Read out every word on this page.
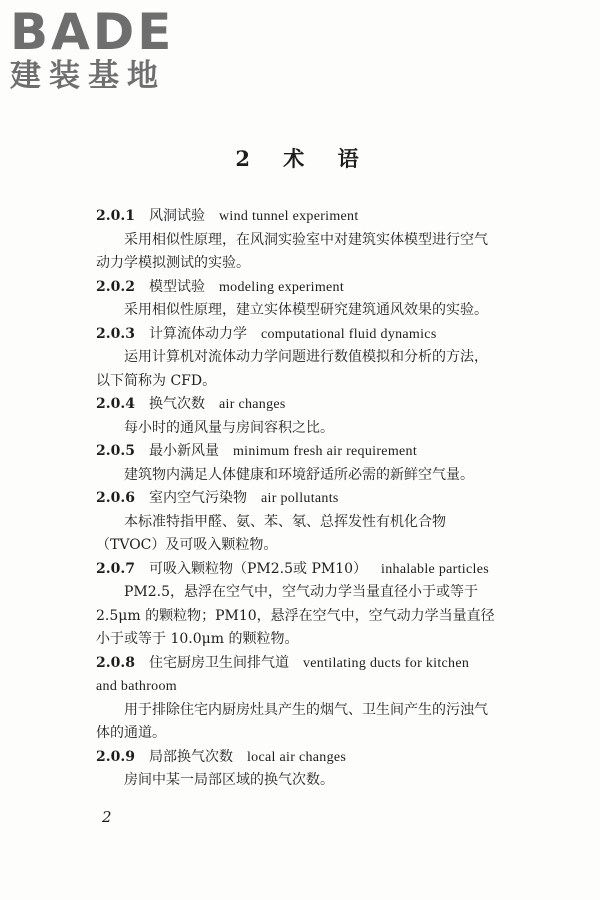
BADE
建装基地
2 术 语
2.0.1 风洞试验 wind tunnel experiment
采用相似性原理，在风洞实验室中对建筑实体模型进行空气
动力学模拟测试的实验。
2.0.2 模型试验 modeling experiment
采用相似性原理，建立实体模型研究建筑通风效果的实验。
2.0.3 计算流体动力学 computational fluid dynamics
运用计算机对流体动力学问题进行数值模拟和分析的方法，
以下简称为 CFD。
2.0.4 换气次数 air changes
每小时的通风量与房间容积之比。
2.0.5 最小新风量 minimum fresh air requirement
建筑物内满足人体健康和环境舒适所必需的新鲜空气量。
2.0.6 室内空气污染物 air pollutants
本标准特指甲醛、氨、苯、氡、总挥发性有机化合物
（TVOC）及可吸入颗粒物。
2.0.7 可吸入颗粒物（PM2.5或 PM10） inhalable particles
PM2.5，悬浮在空气中，空气动力学当量直径小于或等于
2.5μm 的颗粒物；PM10，悬浮在空气中，空气动力学当量直径
小于或等于 10.0μm 的颗粒物。
2.0.8 住宅厨房卫生间排气道 ventilating ducts for kitchen
and bathroom
用于排除住宅内厨房灶具产生的烟气、卫生间产生的污浊气
体的通道。
2.0.9 局部换气次数 local air changes
房间中某一局部区域的换气次数。
2
